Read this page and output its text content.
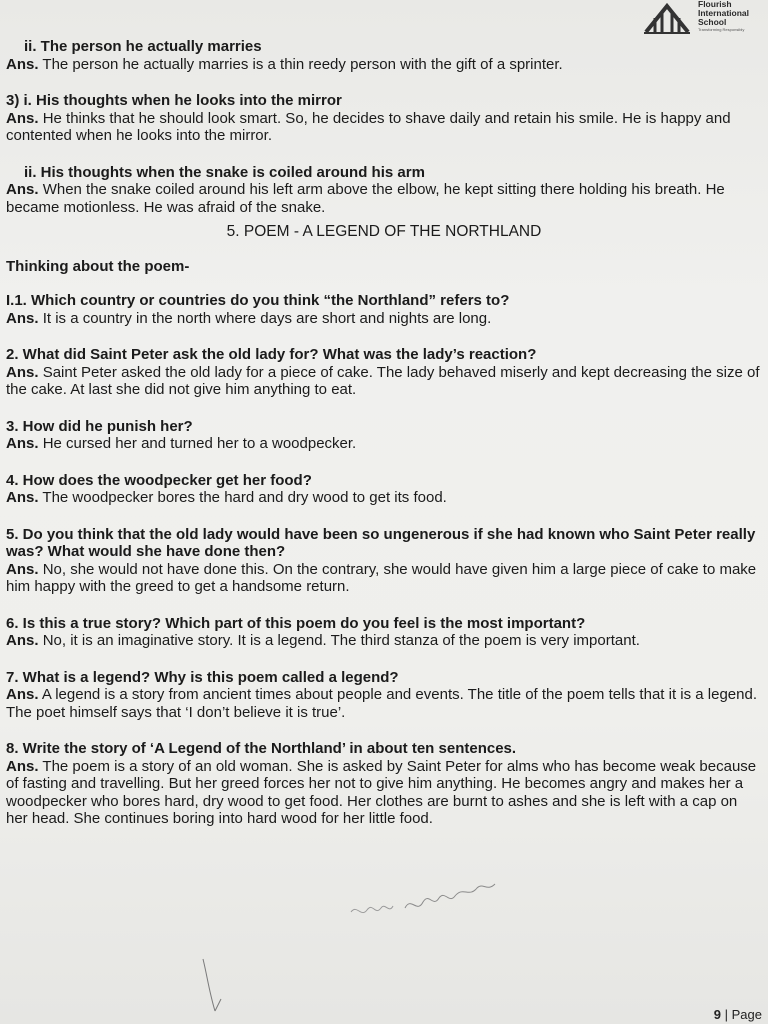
Flourish
International
School
Transforming Responsibly
ii. The person he actually marries
Ans. The person he actually marries is a thin reedy person with the gift of a sprinter.
3) i. His thoughts when he looks into the mirror
Ans. He thinks that he should look smart. So, he decides to shave daily and retain his smile. He is happy and contented when he looks into the mirror.
ii. His thoughts when the snake is coiled around his arm
Ans. When the snake coiled around his left arm above the elbow, he kept sitting there holding his breath. He became motionless. He was afraid of the snake.
5. POEM - A LEGEND OF THE NORTHLAND
Thinking about the poem-
I.1. Which country or countries do you think “the Northland” refers to?
Ans. It is a country in the north where days are short and nights are long.
2. What did Saint Peter ask the old lady for? What was the lady’s reaction?
Ans. Saint Peter asked the old lady for a piece of cake. The lady behaved miserly and kept decreasing the size of the cake. At last she did not give him anything to eat.
3. How did he punish her?
Ans. He cursed her and turned her to a woodpecker.
4. How does the woodpecker get her food?
Ans. The woodpecker bores the hard and dry wood to get its food.
5. Do you think that the old lady would have been so ungenerous if she had known who Saint Peter really was? What would she have done then?
Ans. No, she would not have done this. On the contrary, she would have given him a large piece of cake to make him happy with the greed to get a handsome return.
6. Is this a true story? Which part of this poem do you feel is the most important?
Ans. No, it is an imaginative story. It is a legend. The third stanza of the poem is very important.
7. What is a legend? Why is this poem called a legend?
Ans. A legend is a story from ancient times about people and events. The title of the poem tells that it is a legend. The poet himself says that ‘I don’t believe it is true’.
8. Write the story of ‘A Legend of the Northland’ in about ten sentences.
Ans. The poem is a story of an old woman. She is asked by Saint Peter for alms who has become weak because of fasting and travelling. But her greed forces her not to give him anything. He becomes angry and makes her a woodpecker who bores hard, dry wood to get food. Her clothes are burnt to ashes and she is left with a cap on her head. She continues boring into hard wood for her little food.
9 | Page
